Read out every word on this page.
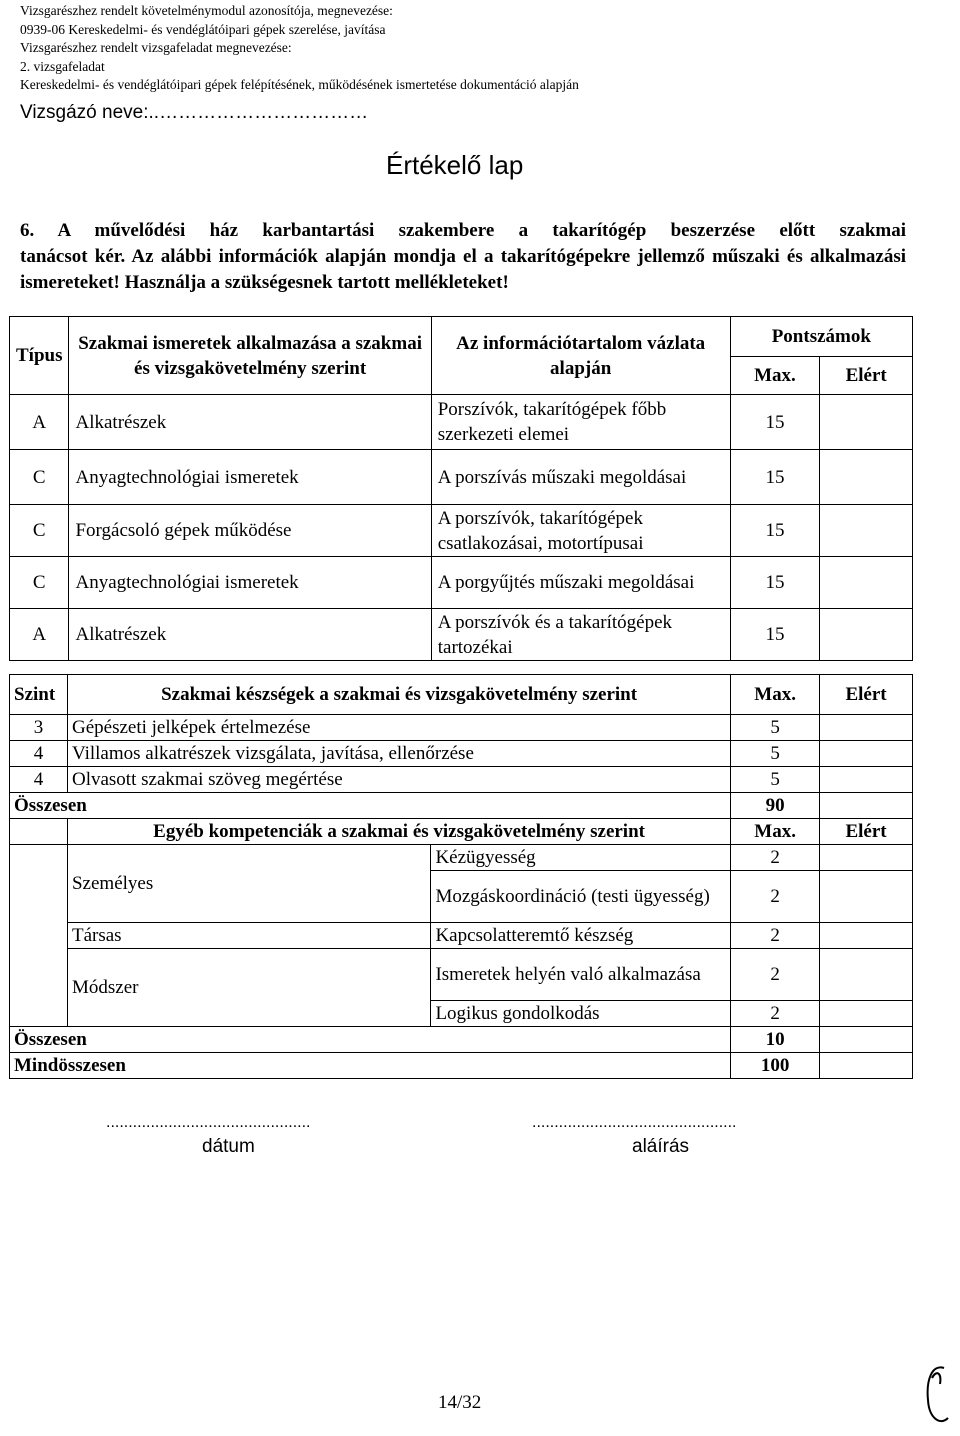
Vizsgarészhez rendelt követelménymodul azonosítója, megnevezése:
0939-06 Kereskedelmi- és vendéglátóipari gépek szerelése, javítása
Vizsgarészhez rendelt vizsgafeladat megnevezése:
2. vizsgafeladat
Kereskedelmi- és vendéglátóipari gépek felépítésének, működésének ismertetése dokumentáció alapján
Vizsgázó neve:..……………………………
Értékelő lap
6. A művelődési ház karbantartási szakembere a takarítógép beszerzése előtt szakmai
tanácsot kér. Az alábbi információk alapján mondja el a takarítógépekre jellemző műszaki és alkalmazási ismereteket! Használja a szükségesnek tartott mellékleteket!
Típus	Szakmai ismeretek alkalmazása a szakmai és vizsgakövetelmény szerint	Az információtartalom vázlata alapján	Pontszámok	
			Max.	Elért
A	Alkatrészek	Porszívók, takarítógépek főbb szerkezeti elemei	15	
C	Anyagtechnológiai ismeretek	A porszívás műszaki megoldásai	15	
C	Forgácsoló gépek működése	A porszívók, takarítógépek csatlakozásai, motortípusai	15	
C	Anyagtechnológiai ismeretek	A porgyűjtés műszaki megoldásai	15	
A	Alkatrészek	A porszívók és a takarítógépek tartozékai	15	
Szint	Szakmai készségek a szakmai és vizsgakövetelmény szerint		Max.	Elért
3	Gépészeti jelképek értelmezése		5	
4	Villamos alkatrészek vizsgálata, javítása, ellenőrzése		5	
4	Olvasott szakmai szöveg megértése		5	
Összesen			90	
	Egyéb kompetenciák a szakmai és vizsgakövetelmény szerint		Max.	Elért
	Személyes	Kézügyesség	2	
		Mozgáskoordináció (testi ügyesség)	2	
	Társas	Kapcsolatteremtő készség	2	
	Módszer	Ismeretek helyén való alkalmazása	2	
		Logikus gondolkodás	2	

Összesen			10	
Mindösszesen			100	
..............................................
dátum
..............................................
aláírás
14/32
